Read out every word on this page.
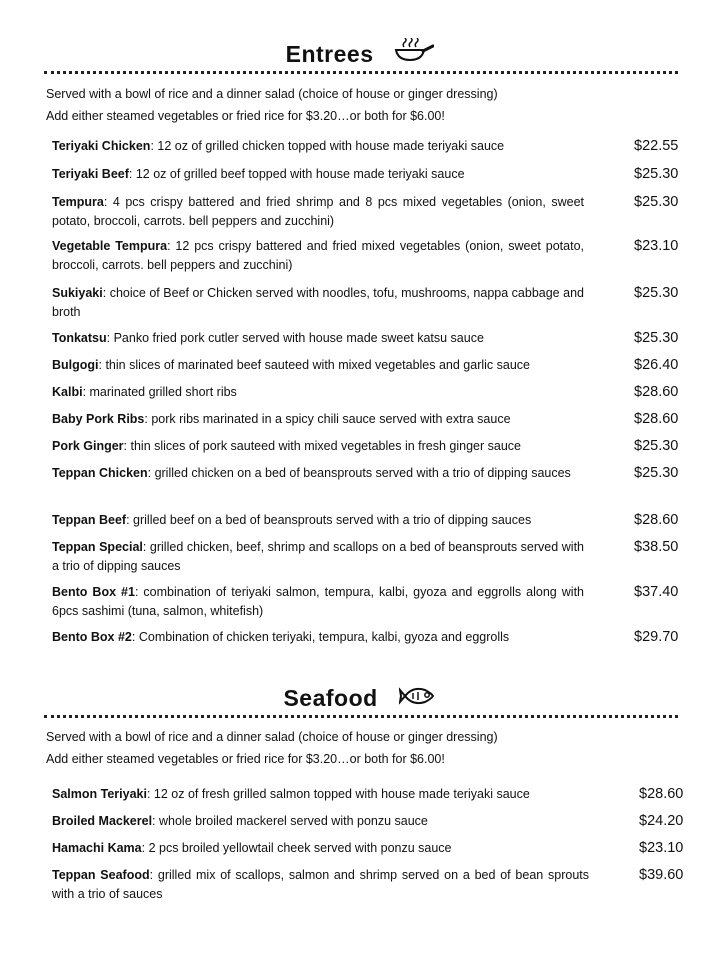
Entrees
Served with a bowl of rice and a dinner salad (choice of house or ginger dressing)
Add either steamed vegetables or fried rice for $3.20…or both for $6.00!
Teriyaki Chicken: 12 oz of grilled chicken topped with house made teriyaki sauce	$22.55
Teriyaki Beef: 12 oz of grilled beef topped with house made teriyaki sauce	$25.30
Tempura: 4 pcs crispy battered and fried shrimp and 8 pcs mixed vegetables (onion, sweet potato, broccoli, carrots. bell peppers and zucchini)
$25.30
Vegetable Tempura: 12 pcs crispy battered and fried mixed vegetables (onion, sweet potato, broccoli, carrots. bell peppers and zucchini)
$23.10
Sukiyaki: choice of Beef or Chicken served with noodles, tofu, mushrooms, nappa cabbage and broth
$25.30
Tonkatsu: Panko fried pork cutler served with house made sweet katsu sauce	$25.30
Bulgogi: thin slices of marinated beef sauteed with mixed vegetables and garlic sauce	$26.40
Kalbi: marinated grilled short ribs	$28.60
Baby Pork Ribs: pork ribs marinated in a spicy chili sauce served with extra sauce	$28.60
Pork Ginger: thin slices of pork sauteed with mixed vegetables in fresh ginger sauce	$25.30
Teppan Chicken: grilled chicken on a bed of beansprouts served with a trio of dipping sauces	$25.30
Teppan Beef: grilled beef on a bed of beansprouts served with a trio of dipping sauces	$28.60
Teppan Special: grilled chicken, beef, shrimp and scallops on a bed of beansprouts served with a trio of dipping sauces
$38.50
Bento Box #1: combination of teriyaki salmon, tempura, kalbi, gyoza and eggrolls along with 6pcs sashimi (tuna, salmon, whitefish)
$37.40
Bento Box #2: Combination of chicken teriyaki, tempura, kalbi, gyoza and eggrolls	$29.70
Seafood
Served with a bowl of rice and a dinner salad (choice of house or ginger dressing)
Add either steamed vegetables or fried rice for $3.20…or both for $6.00!
Salmon Teriyaki: 12 oz of fresh grilled salmon topped with house made teriyaki sauce	$28.60
Broiled Mackerel: whole broiled mackerel served with ponzu sauce	$24.20
Hamachi Kama: 2 pcs broiled yellowtail cheek served with ponzu sauce	$23.10
Teppan Seafood: grilled mix of scallops, salmon and shrimp served on a bed of bean sprouts with a trio of sauces
$39.60
